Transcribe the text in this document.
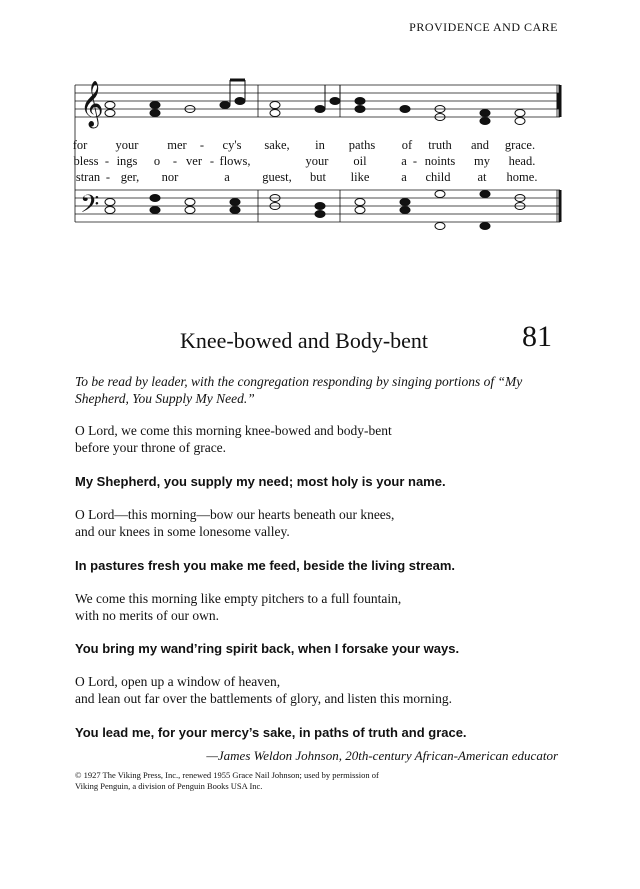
PROVIDENCE AND CARE
𝄞
𝄢
for your mer - cy's sake, in paths of truth and grace.
bless - ings o - ver - flows,	your oil	a - noints my head.
stran - ger, nor	a	guest, but like	a child at home.
Knee-bowed and Body-bent	81
To be read by leader, with the congregation responding by singing portions of “My Shepherd, You Supply My Need.”
O Lord, we come this morning knee-bowed and body-bent
before your throne of grace.
My Shepherd, you supply my need; most holy is your name.
O Lord—this morning—bow our hearts beneath our knees,
and our knees in some lonesome valley.
In pastures fresh you make me feed, beside the living stream.
We come this morning like empty pitchers to a full fountain,
with no merits of our own.
You bring my wand’ring spirit back, when I forsake your ways.
O Lord, open up a window of heaven,
and lean out far over the battlements of glory, and listen this morning.
You lead me, for your mercy’s sake, in paths of truth and grace.
—James Weldon Johnson, 20th-century African-American educator
© 1927 The Viking Press, Inc., renewed 1955 Grace Nail Johnson; used by permission of
Viking Penguin, a division of Penguin Books USA Inc.
